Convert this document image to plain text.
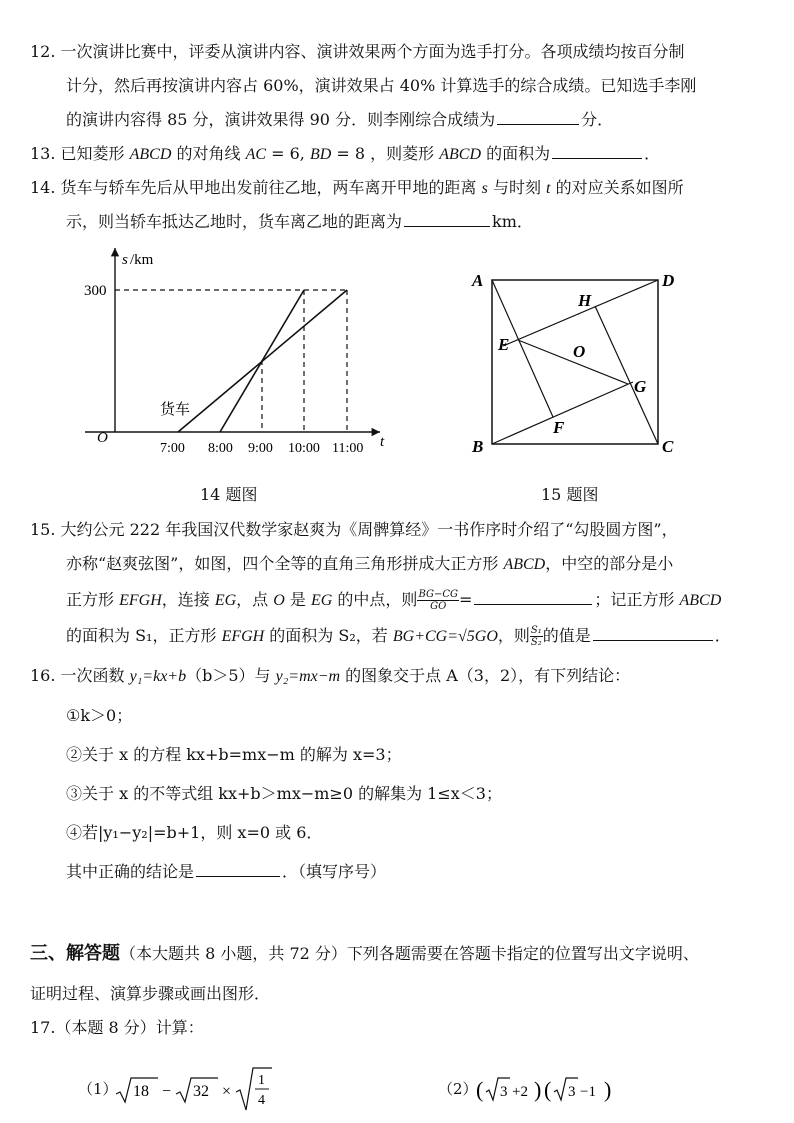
12. 一次演讲比赛中，评委从演讲内容、演讲效果两个方面为选手打分。各项成绩均按百分制
计分，然后再按演讲内容占 60%，演讲效果占 40% 计算选手的综合成绩。已知选手李刚
的演讲内容得 85 分，演讲效果得 90 分．则李刚综合成绩为	分．
13. 已知菱形 ABCD 的对角线 AC = 6, BD = 8 ，则菱形 ABCD 的面积为	．
14. 货车与轿车先后从甲地出发前往乙地，两车离开甲地的距离 s 与时刻 t 的对应关系如图所
示，则当轿车抵达乙地时，货车离乙地的距离为	km．
s /km
300
O	t
货车
7:00 8:00 9:00 10:00 11:00
A	D
B	C
H
E	O
G
F
14 题图	15 题图
15. 大约公元 222 年我国汉代数学家赵爽为《周髀算经》一书作序时介绍了“勾股圆方图”，
亦称“赵爽弦图”，如图，四个全等的直角三角形拼成大正方形 ABCD，中空的部分是小
正方形 EFGH，连接 EG，点 O 是 EG 的中点，则 $\frac{BG-CG}{GO}$ =	；记正方形 ABCD
的面积为 S₁，正方形 EFGH 的面积为 S₂，若 BG+CG=√5GO，则 $\frac{\text{S₁}}{\text{S₂}}$ 的值是	．
16. 一次函数 y₁=kx+b（b＞5）与 y₂=mx−m 的图象交于点 A（3，2），有下列结论：
①k＞0；
②关于 x 的方程 kx+b=mx−m 的解为 x=3；
③关于 x 的不等式组 kx+b＞mx−m≥0 的解集为 1≤x＜3；
④若|y₁−y₂|=b+1，则 x=0 或 6．
其中正确的结论是	．（填写序号）
三、解答题（本大题共 8 小题，共 72 分）下列各题需要在答题卡指定的位置写出文字说明、
证明过程、演算步骤或画出图形．
17.（本题 8 分）计算：
（1） 18 − 32 ×
1
4
（2）
( 3 +2 ) ( 3 −1 )
